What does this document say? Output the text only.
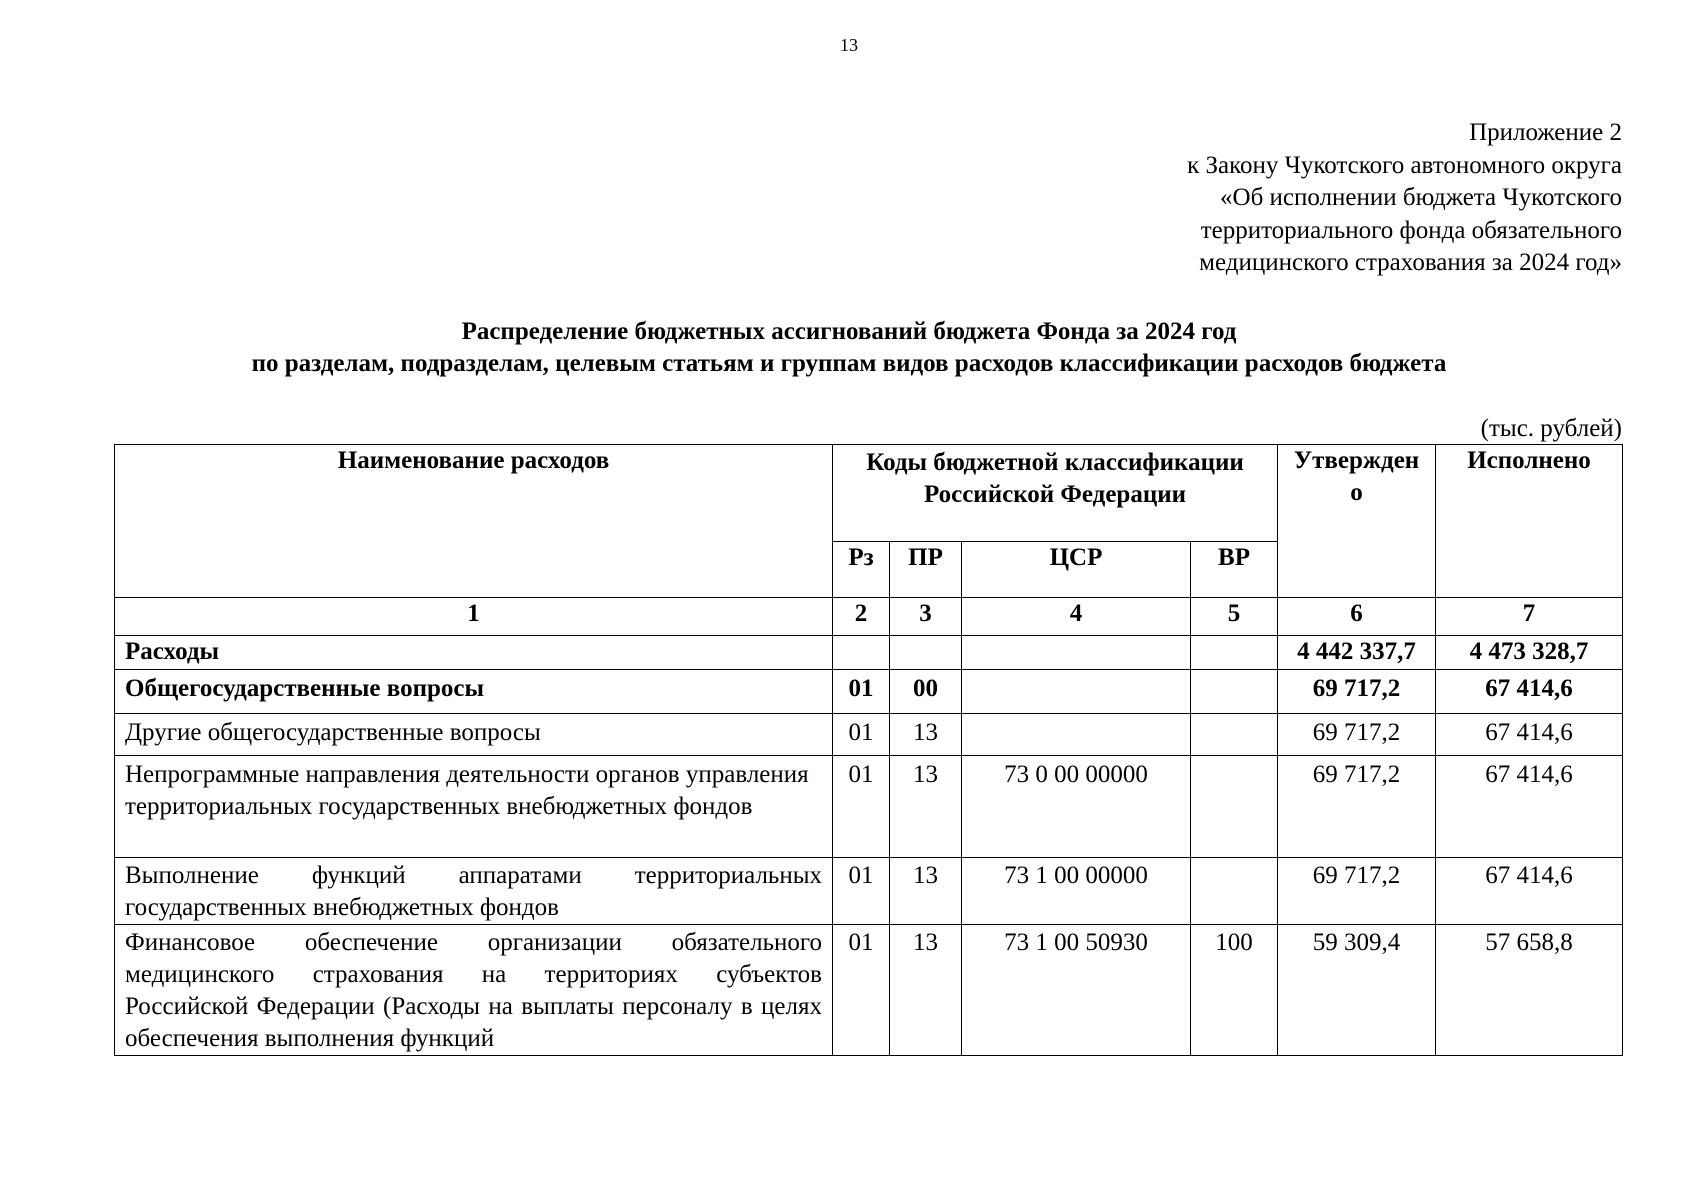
13
Приложение 2
к Закону Чукотского автономного округа
«Об исполнении бюджета Чукотского
территориального фонда обязательного
медицинского страхования за 2024 год»
Распределение бюджетных ассигнований бюджета Фонда за 2024 год
по разделам, подразделам, целевым статьям и группам видов расходов классификации расходов бюджета
(тыс. рублей)
Наименование расходов	Коды бюджетной классификации Российской Федерации				Утверждено	Исполнено
	Рз	ПР	ЦСР	ВР		
1	2	3	4	5	6	7
Расходы					4 442 337,7	4 473 328,7
Общегосударственные вопросы	01	00			69 717,2	67 414,6
Другие общегосударственные вопросы	01	13			69 717,2	67 414,6
Непрограммные направления деятельности органов управления территориальных государственных внебюджетных фондов	01	13	73 0 00 00000		69 717,2	67 414,6
Выполнение функций аппаратами территориальных государственных внебюджетных фондов	01	13	73 1 00 00000		69 717,2	67 414,6
Финансовое обеспечение организации обязательного медицинского страхования на территориях субъектов Российской Федерации (Расходы на выплаты персоналу в целях обеспечения выполнения функций	01	13	73 1 00 50930	100	59 309,4	57 658,8
